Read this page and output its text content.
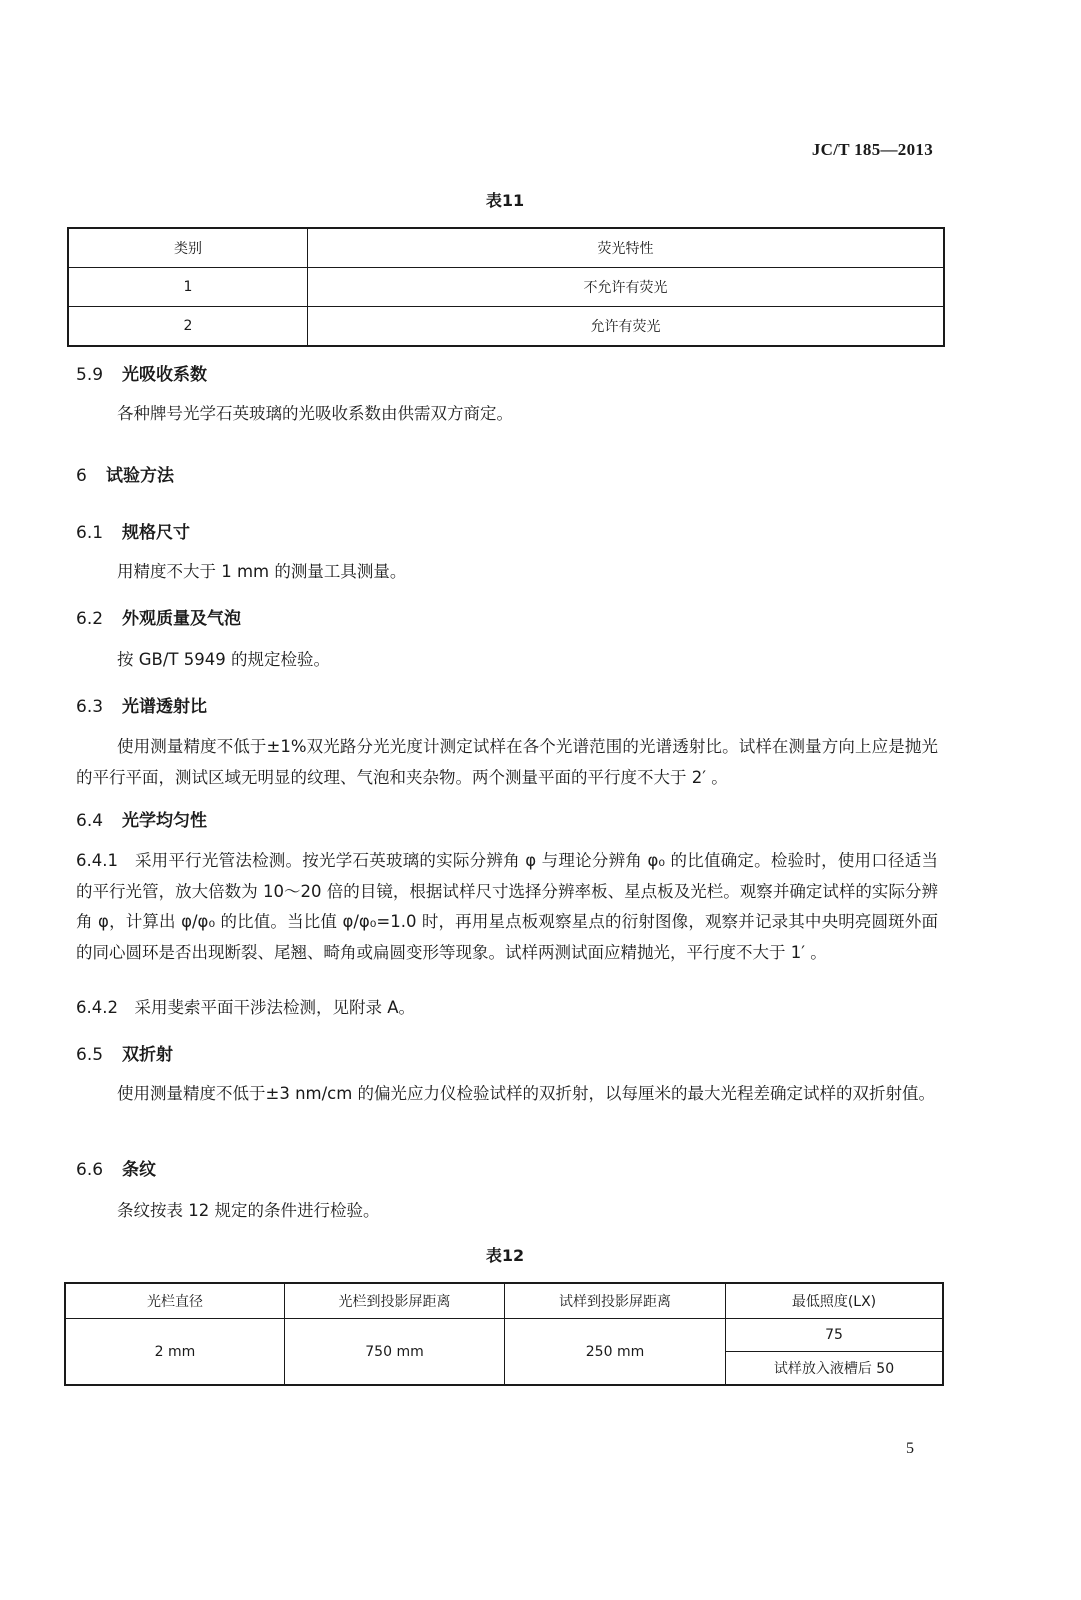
JC/T 185—2013
表11
类别	荧光特性
1	不允许有荧光
2	允许有荧光
5.9 光吸收系数
各种牌号光学石英玻璃的光吸收系数由供需双方商定。
6 试验方法
6.1 规格尺寸
用精度不大于 1 mm 的测量工具测量。
6.2 外观质量及气泡
按 GB/T 5949 的规定检验。
6.3 光谱透射比
使用测量精度不低于±1%双光路分光光度计测定试样在各个光谱范围的光谱透射比。试样在测量方向上应是抛光的平行平面，测试区域无明显的纹理、气泡和夹杂物。两个测量平面的平行度不大于 2′ 。
6.4 光学均匀性
6.4.1　采用平行光管法检测。按光学石英玻璃的实际分辨角 φ 与理论分辨角 φ₀ 的比值确定。检验时，使用口径适当的平行光管，放大倍数为 10～20 倍的目镜，根据试样尺寸选择分辨率板、星点板及光栏。观察并确定试样的实际分辨角 φ，计算出 φ/φ₀ 的比值。当比值 φ/φ₀=1.0 时，再用星点板观察星点的衍射图像，观察并记录其中央明亮圆斑外面的同心圆环是否出现断裂、尾翘、畸角或扁圆变形等现象。试样两测试面应精抛光，平行度不大于 1′ 。
6.4.2　采用斐索平面干涉法检测，见附录 A。
6.5 双折射
使用测量精度不低于±3 nm/cm 的偏光应力仪检验试样的双折射，以每厘米的最大光程差确定试样的双折射值。
6.6 条纹
条纹按表 12 规定的条件进行检验。
表12
光栏直径	光栏到投影屏距离	试样到投影屏距离	最低照度(LX)
2 mm	750 mm	250 mm	75
			试样放入液槽后 50
5
